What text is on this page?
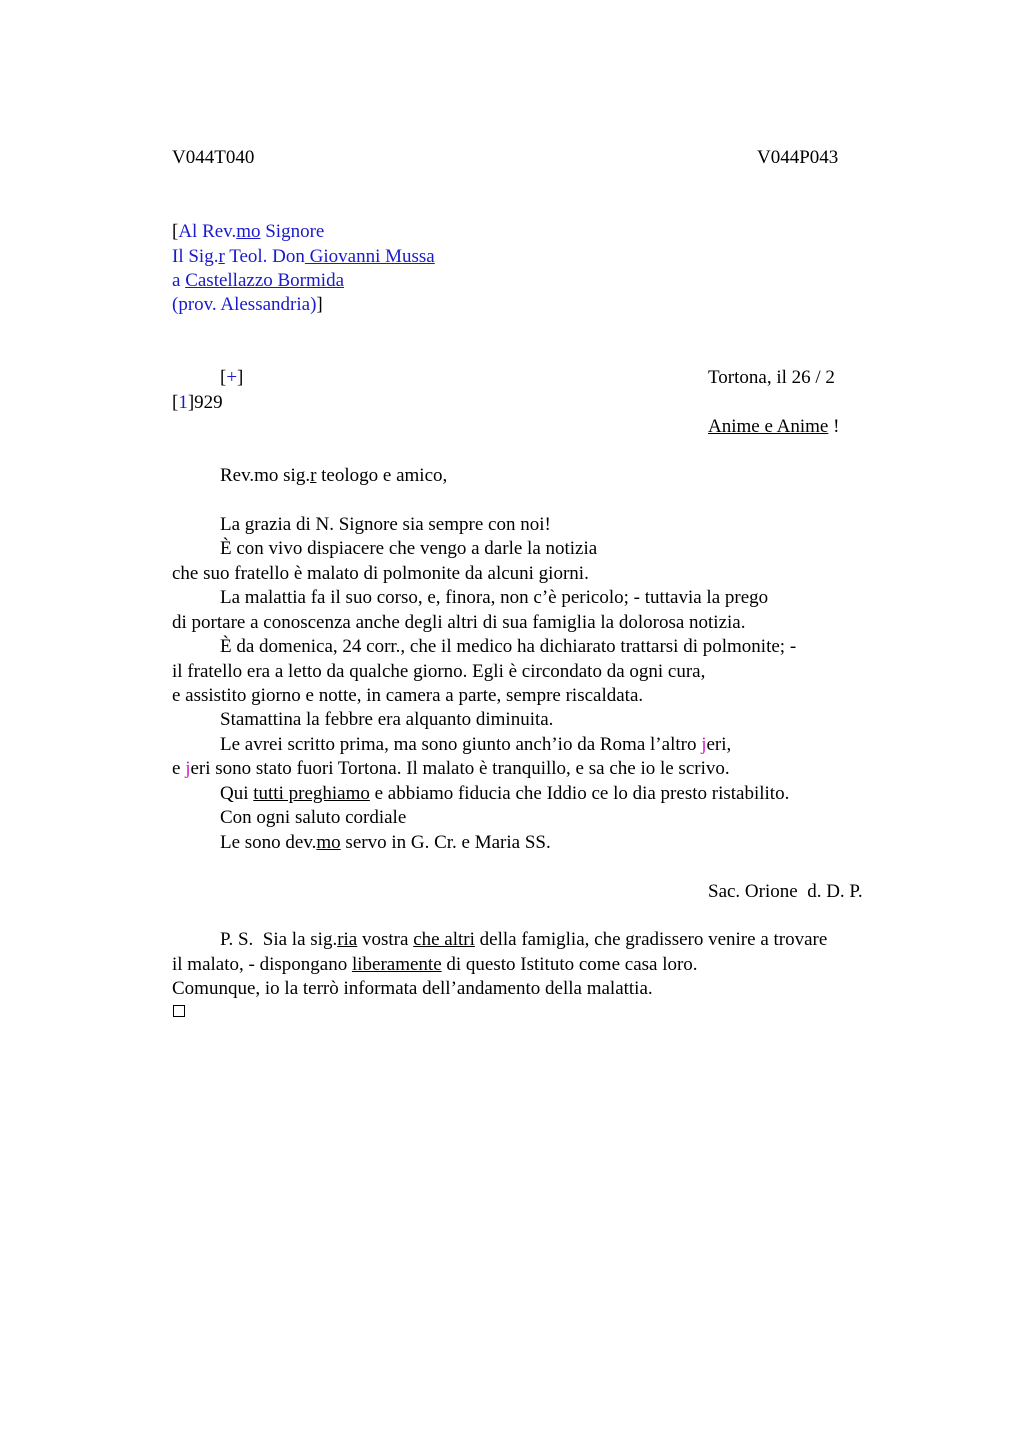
V044T040	V044P043
[Al Rev.mo Signore
Il Sig.r Teol. Don Giovanni Mussa
a Castellazzo Bormida
(prov. Alessandria)]
[+]	Tortona, il 26 / 2
[1]929
Anime e Anime !
Rev.mo sig.r teologo e amico,
La grazia di N. Signore sia sempre con noi!
È con vivo dispiacere che vengo a darle la notizia
che suo fratello è malato di polmonite da alcuni giorni.
La malattia fa il suo corso, e, finora, non c’è pericolo; - tuttavia la prego
di portare a conoscenza anche degli altri di sua famiglia la dolorosa notizia.
È da domenica, 24 corr., che il medico ha dichiarato trattarsi di polmonite; -
il fratello era a letto da qualche giorno. Egli è circondato da ogni cura,
e assistito giorno e notte, in camera a parte, sempre riscaldata.
Stamattina la febbre era alquanto diminuita.
Le avrei scritto prima, ma sono giunto anch’io da Roma l’altro jeri,
e jeri sono stato fuori Tortona. Il malato è tranquillo, e sa che io le scrivo.
Qui tutti preghiamo e abbiamo fiducia che Iddio ce lo dia presto ristabilito.
Con ogni saluto cordiale
Le sono dev.mo servo in G. Cr. e Maria SS.
Sac. Orione  d. D. P.
P. S.  Sia la sig.ria vostra che altri della famiglia, che gradissero venire a trovare
il malato, - dispongano liberamente di questo Istituto come casa loro.
Comunque, io la terrò informata dell’andamento della malattia.
